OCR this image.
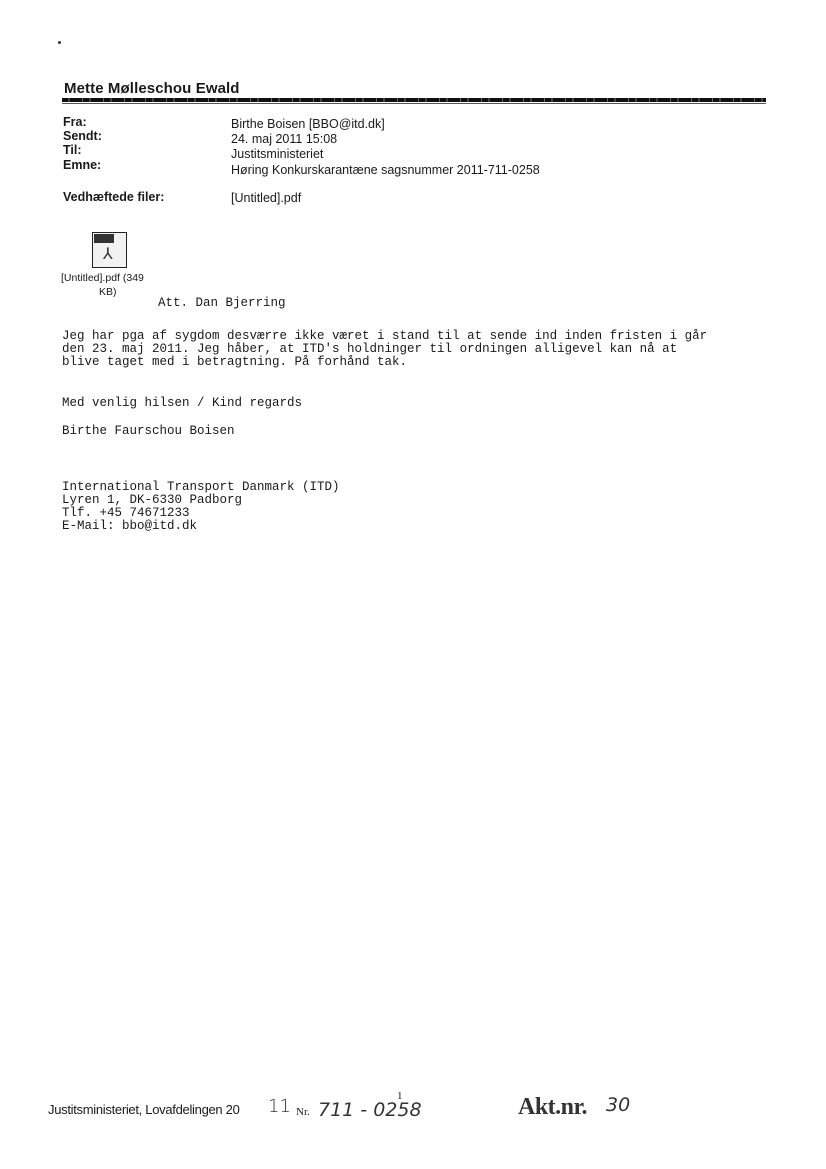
Mette Mølleschou Ewald
Fra:	Birthe Boisen [BBO@itd.dk]
Sendt:	24. maj 2011 15:08
Til:	Justitsministeriet
Emne:	Høring Konkurskarantæne sagsnummer 2011-711-0258
Vedhæftede filer:	[Untitled].pdf
⅄
[Untitled].pdf (349
KB)
Att. Dan Bjerring
Jeg har pga af sygdom desværre ikke været i stand til at sende ind inden fristen i går
den 23. maj 2011. Jeg håber, at ITD's holdninger til ordningen alligevel kan nå at
blive taget med i betragtning. På forhånd tak.
Med venlig hilsen / Kind regards
Birthe Faurschou Boisen
International Transport Danmark (ITD)
Lyren 1, DK-6330 Padborg
Tlf. +45 74671233
E-Mail: bbo@itd.dk
1
Justitsministeriet, Lovafdelingen 20 11 Nr. 711 - 0258	Akt.nr. 30
